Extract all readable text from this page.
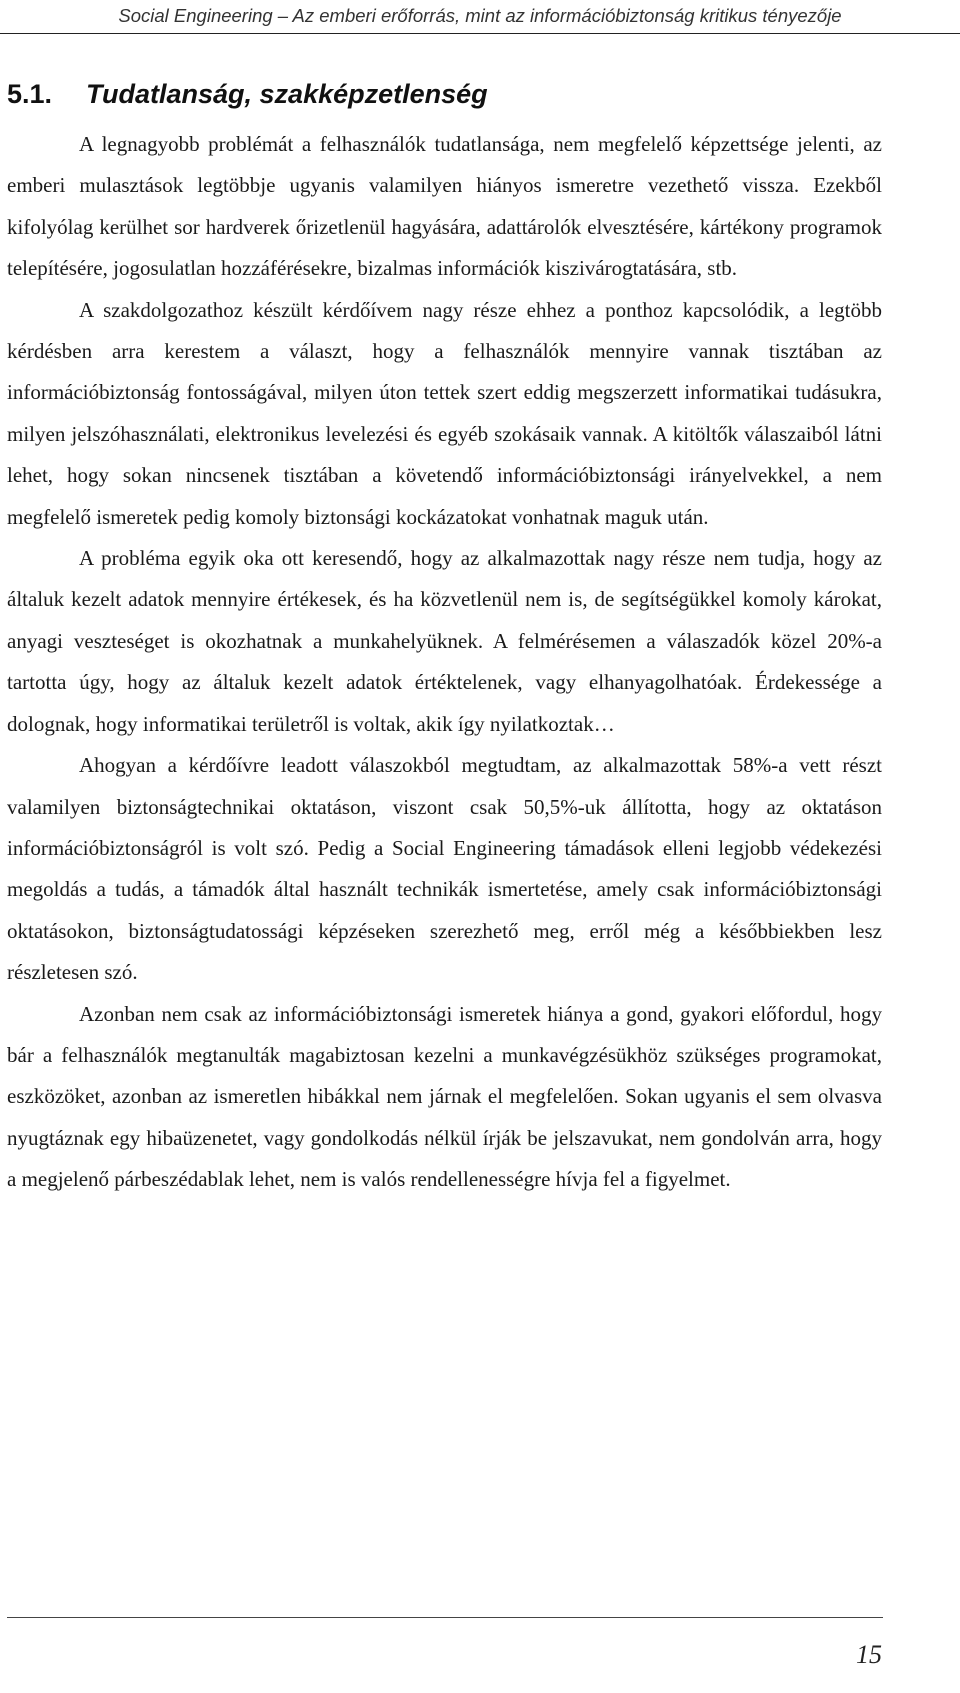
Social Engineering – Az emberi erőforrás, mint az információbiztonság kritikus tényezője
5.1. Tudatlanság, szakképzetlenség

A legnagyobb problémát a felhasználók tudatlansága, nem megfelelő képzettsége jelenti, az emberi mulasztások legtöbbje ugyanis valamilyen hiányos ismeretre vezethető vissza. Ezekből kifolyólag kerülhet sor hardverek őrizetlenül hagyására, adattárolók elvesztésére, kártékony programok telepítésére, jogosulatlan hozzáférésekre, bizalmas információk kiszivárogtatására, stb.

A szakdolgozathoz készült kérdőívem nagy része ehhez a ponthoz kapcsolódik, a legtöbb kérdésben arra kerestem a választ, hogy a felhasználók mennyire vannak tisztában az információbiztonság fontosságával, milyen úton tettek szert eddig megszerzett informatikai tudásukra, milyen jelszóhasználati, elektronikus levelezési és egyéb szokásaik vannak. A kitöltők válaszaiból látni lehet, hogy sokan nincsenek tisztában a követendő információbiztonsági irányelvekkel, a nem megfelelő ismeretek pedig komoly biztonsági kockázatokat vonhatnak maguk után.

A probléma egyik oka ott keresendő, hogy az alkalmazottak nagy része nem tudja, hogy az általuk kezelt adatok mennyire értékesek, és ha közvetlenül nem is, de segítségükkel komoly károkat, anyagi veszteséget is okozhatnak a munkahelyüknek. A felmérésemen a válaszadók közel 20%-a tartotta úgy, hogy az általuk kezelt adatok értéktelenek, vagy elhanyagolhatóak. Érdekessége a dolognak, hogy informatikai területről is voltak, akik így nyilatkoztak…

Ahogyan a kérdőívre leadott válaszokból megtudtam, az alkalmazottak 58%-a vett részt valamilyen biztonságtechnikai oktatáson, viszont csak 50,5%-uk állította, hogy az oktatáson információbiztonságról is volt szó. Pedig a Social Engineering támadások elleni legjobb védekezési megoldás a tudás, a támadók által használt technikák ismertetése, amely csak információbiztonsági oktatásokon, biztonságtudatossági képzéseken szerezhető meg, erről még a későbbiekben lesz részletesen szó.

Azonban nem csak az információbiztonsági ismeretek hiánya a gond, gyakori előfordul, hogy bár a felhasználók megtanulták magabiztosan kezelni a munkavégzésükhöz szükséges programokat, eszközöket, azonban az ismeretlen hibákkal nem járnak el megfelelően. Sokan ugyanis el sem olvasva nyugtáznak egy hibaüzenetet, vagy gondolkodás nélkül írják be jelszavukat, nem gondolván arra, hogy a megjelenő párbeszédablak lehet, nem is valós rendellenességre hívja fel a figyelmet.

15
